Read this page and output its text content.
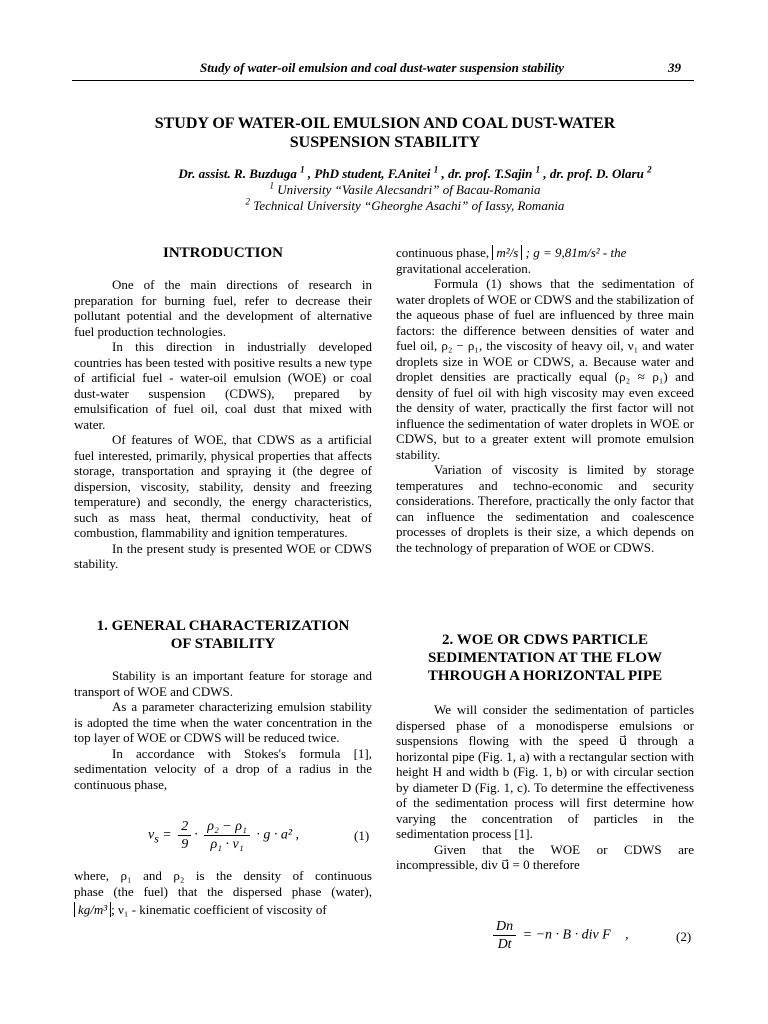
Study of water-oil emulsion and coal dust-water suspension stability	39
STUDY OF WATER-OIL EMULSION AND COAL DUST-WATER
SUSPENSION STABILITY
Dr. assist. R. Buzduga $^1$ , PhD student, F.Anitei $^1$ , dr. prof. T.Sajin $^1$ , dr. prof. D. Olaru $^2$
$^1$ University “Vasile Alecsandri” of Bacau-Romania
$^2$ Technical University “Gheorghe Asachi” of Iassy, Romania
INTRODUCTION

One of the main directions of research in preparation for burning fuel, refer to decrease their pollutant potential and the development of alternative fuel production technologies.

In this direction in industrially developed countries has been tested with positive results a new type of artificial fuel - water-oil emulsion (WOE) or coal dust-water suspension (CDWS), prepared by emulsification of fuel oil, coal dust that mixed with water.

Of features of WOE, that CDWS as a artificial fuel interested, primarily, physical properties that affects storage, transportation and spraying it (the degree of dispersion, viscosity, stability, density and freezing temperature) and secondly, the energy characteristics, such as mass heat, thermal conductivity, heat of combustion, flammability and ignition temperatures.

In the present study is presented WOE or CDWS stability.

1. GENERAL CHARACTERIZATION
OF STABILITY

Stability is an important feature for storage and transport of WOE and CDWS.

As a parameter characterizing emulsion stability is adopted the time when the water concentration in the top layer of WOE or CDWS will be reduced twice.

In accordance with Stokes's formula [1], sedimentation velocity of a drop of a radius in the continuous phase,

$v_s = \frac{2}{9} \cdot \frac{\text{ρ₂ − ρ₁}}{\text{ρ₁ · ν₁}} \cdot g \cdot a^2$ ,	(1)
where, ρ₁ and ρ₂ is the density of continuous
phase (the fuel) that the dispersed phase (water),
kg/m³ ; ν₁ - kinematic coefficient of viscosity of
continuous phase, m²/s ; g = 9,81m/s² - the
gravitational acceleration.

Formula (1) shows that the sedimentation of water droplets of WOE or CDWS and the stabilization of the aqueous phase of fuel are influenced by three main factors: the difference between densities of water and fuel oil, ρ₂ − ρ₁, the viscosity of heavy oil, ν₁ and water droplets size in WOE or CDWS, a. Because water and droplet densities are practically equal (ρ₂ ≈ ρ₁) and density of fuel oil with high viscosity may even exceed the density of water, practically the first factor will not influence the sedimentation of water droplets in WOE or CDWS, but to a greater extent will promote emulsion stability.

Variation of viscosity is limited by storage temperatures and techno-economic and security considerations. Therefore, practically the only factor that can influence the sedimentation and coalescence processes of droplets is their size, a which depends on the technology of preparation of WOE or CDWS.

2. WOE OR CDWS PARTICLE
SEDIMENTATION AT THE FLOW
THROUGH A HORIZONTAL PIPE

We will consider the sedimentation of particles dispersed phase of a monodisperse emulsions or suspensions flowing with the speed u⃗ through a horizontal pipe (Fig. 1, a) with a rectangular section with height H and width b (Fig. 1, b) or with circular section by diameter D (Fig. 1, c). To determine the effectiveness of the sedimentation process will first determine how varying the concentration of particles in the sedimentation process [1].

Given that the WOE or CDWS are incompressible, div u⃗ = 0 therefore

$\frac{Dn}{Dt} = -n \cdot B$ · div F⃗ ,	(2)
